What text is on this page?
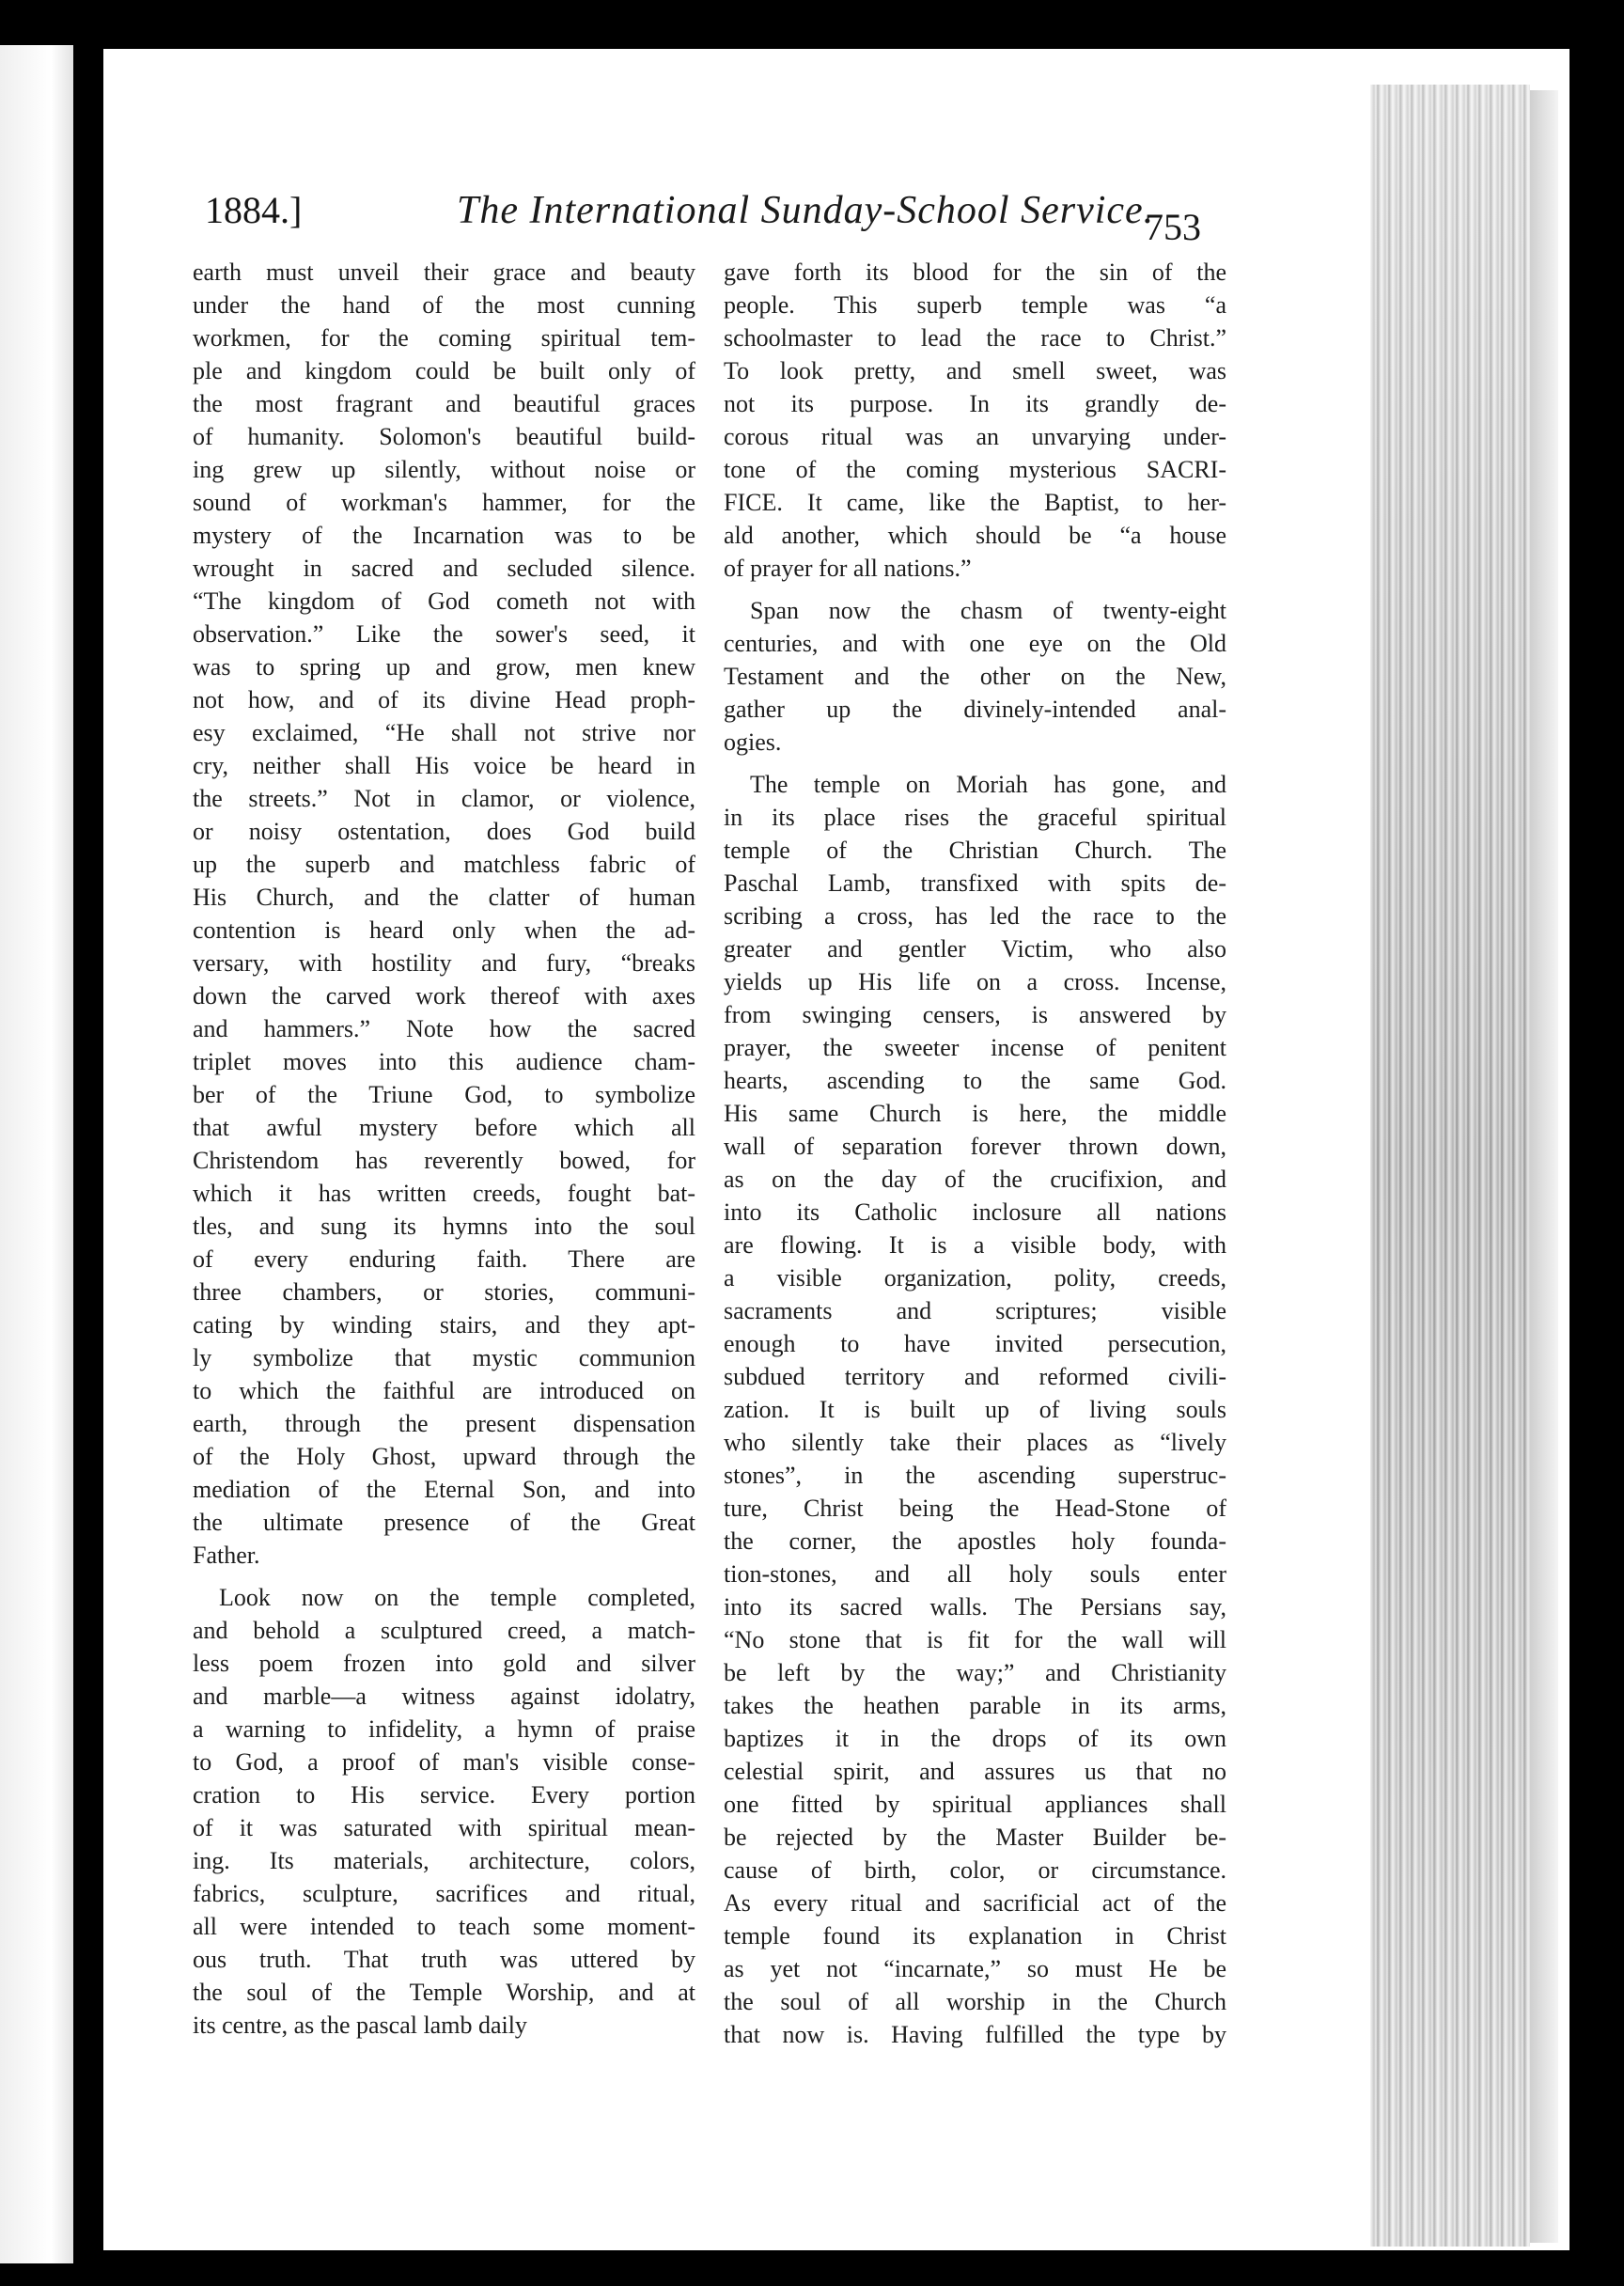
1884.]	The International Sunday-School Service.
753

earth must unveil their grace and beauty

under the hand of the most cunning

workmen, for the coming spiritual tem-

ple and kingdom could be built only of

the most fragrant and beautiful graces

of humanity. Solomon's beautiful build-

ing grew up silently, without noise or

sound of workman's hammer, for the

mystery of the Incarnation was to be

wrought in sacred and secluded silence.

“The kingdom of God cometh not with

observation.” Like the sower's seed, it

was to spring up and grow, men knew

not how, and of its divine Head proph-

esy exclaimed, “He shall not strive nor

cry, neither shall His voice be heard in

the streets.” Not in clamor, or violence,

or noisy ostentation, does God build

up the superb and matchless fabric of

His Church, and the clatter of human

contention is heard only when the ad-

versary, with hostility and fury, “breaks

down the carved work thereof with axes

and hammers.” Note how the sacred

triplet moves into this audience cham-

ber of the Triune God, to symbolize

that awful mystery before which all

Christendom has reverently bowed, for

which it has written creeds, fought bat-

tles, and sung its hymns into the soul

of every enduring faith. There are

three chambers, or stories, communi-

cating by winding stairs, and they apt-

ly symbolize that mystic communion

to which the faithful are introduced on

earth, through the present dispensation

of the Holy Ghost, upward through the

mediation of the Eternal Son, and into

the ultimate presence of the Great

Father.

Look now on the temple completed,

and behold a sculptured creed, a match-

less poem frozen into gold and silver

and marble—a witness against idolatry,

a warning to infidelity, a hymn of praise

to God, a proof of man's visible conse-

cration to His service. Every portion

of it was saturated with spiritual mean-

ing. Its materials, architecture, colors,

fabrics, sculpture, sacrifices and ritual,

all were intended to teach some moment-

ous truth. That truth was uttered by

the soul of the Temple Worship, and at

its centre, as the pascal lamb daily

gave forth its blood for the sin of the

people. This superb temple was “a

schoolmaster to lead the race to Christ.”

To look pretty, and smell sweet, was

not its purpose. In its grandly de-

corous ritual was an unvarying under-

tone of the coming mysterious SACRI-

FICE. It came, like the Baptist, to her-

ald another, which should be “a house

of prayer for all nations.”

Span now the chasm of twenty-eight

centuries, and with one eye on the Old

Testament and the other on the New,

gather up the divinely-intended anal-

ogies.

The temple on Moriah has gone, and

in its place rises the graceful spiritual

temple of the Christian Church. The

Paschal Lamb, transfixed with spits de-

scribing a cross, has led the race to the

greater and gentler Victim, who also

yields up His life on a cross. Incense,

from swinging censers, is answered by

prayer, the sweeter incense of penitent

hearts, ascending to the same God.

His same Church is here, the middle

wall of separation forever thrown down,

as on the day of the crucifixion, and

into its Catholic inclosure all nations

are flowing. It is a visible body, with

a visible organization, polity, creeds,

sacraments and scriptures; visible

enough to have invited persecution,

subdued territory and reformed civili-

zation. It is built up of living souls

who silently take their places as “lively

stones”, in the ascending superstruc-

ture, Christ being the Head-Stone of

the corner, the apostles holy founda-

tion-stones, and all holy souls enter

into its sacred walls. The Persians say,

“No stone that is fit for the wall will

be left by the way;” and Christianity

takes the heathen parable in its arms,

baptizes it in the drops of its own

celestial spirit, and assures us that no

one fitted by spiritual appliances shall

be rejected by the Master Builder be-

cause of birth, color, or circumstance.

As every ritual and sacrificial act of the

temple found its explanation in Christ

as yet not “incarnate,” so must He be

the soul of all worship in the Church

that now is. Having fulfilled the type by
